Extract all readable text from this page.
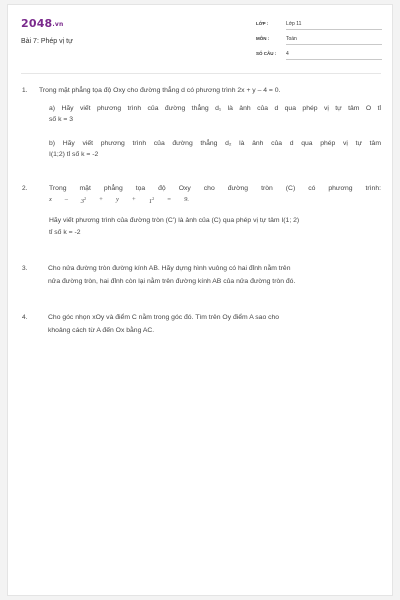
2048.vn
Bài 7: Phép vị tự
LỚP :	Lớp 11
MÔN :	Toán
SỐ CÂU : 4
1. Trong mặt phẳng tọa độ Oxy cho đường thẳng d có phương trình 2x + y – 4 = 0.
a) Hãy viết phương trình của đường thẳng d₁ là ảnh của d qua phép vị tự tâm O tỉ
số k = 3
b) Hãy viết phương trình của đường thẳng d₂ là ảnh của d qua phép vị tự tâm
I(1;2) tỉ số k = -2
2.	Trong mặt phẳng tọa độ Oxy cho đường tròn (C) có phương trình:
$x - 3^2 + y + 1^2 = 9$.
Hãy viết phương trình của đường tròn (C') là ảnh của (C) qua phép vị tự tâm I(1; 2)
tỉ số k = -2
3.	Cho nửa đường tròn đường kính AB. Hãy dựng hình vuông có hai đỉnh nằm trên
nửa đường tròn, hai đỉnh còn lại nằm trên đường kính AB của nửa đường tròn đó.
4.	Cho góc nhọn xOy và điểm C nằm trong góc đó. Tìm trên Oy điểm A sao cho
khoảng cách từ A đến Ox bằng AC.
